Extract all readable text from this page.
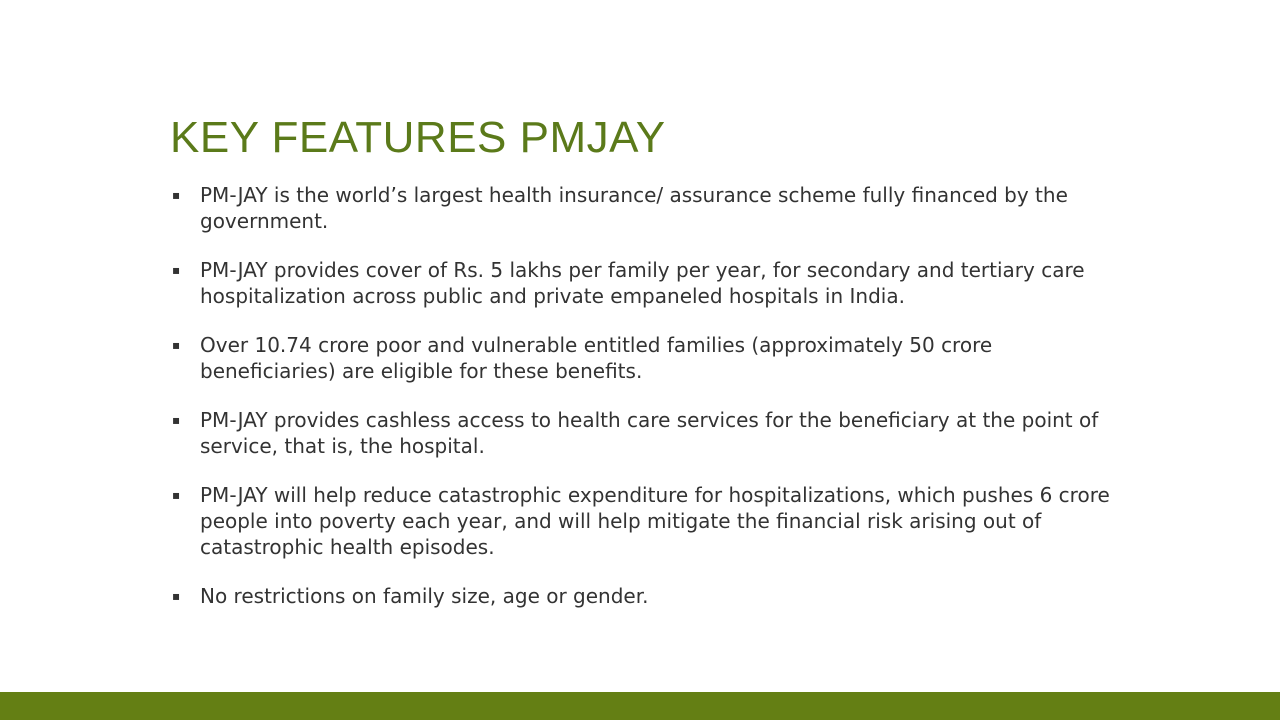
KEY FEATURES PMJAY
▪ PM-JAY is the world’s largest health insurance/ assurance scheme fully financed by the government.
▪ PM-JAY provides cover of Rs. 5 lakhs per family per year, for secondary and tertiary care hospitalization across public and private empaneled hospitals in India.
▪ Over 10.74 crore poor and vulnerable entitled families (approximately 50 crore beneficiaries) are eligible for these benefits.
▪ PM-JAY provides cashless access to health care services for the beneficiary at the point of service, that is, the hospital.
▪ PM-JAY will help reduce catastrophic expenditure for hospitalizations, which pushes 6 crore people into poverty each year, and will help mitigate the financial risk arising out of catastrophic health episodes.
▪ No restrictions on family size, age or gender.
